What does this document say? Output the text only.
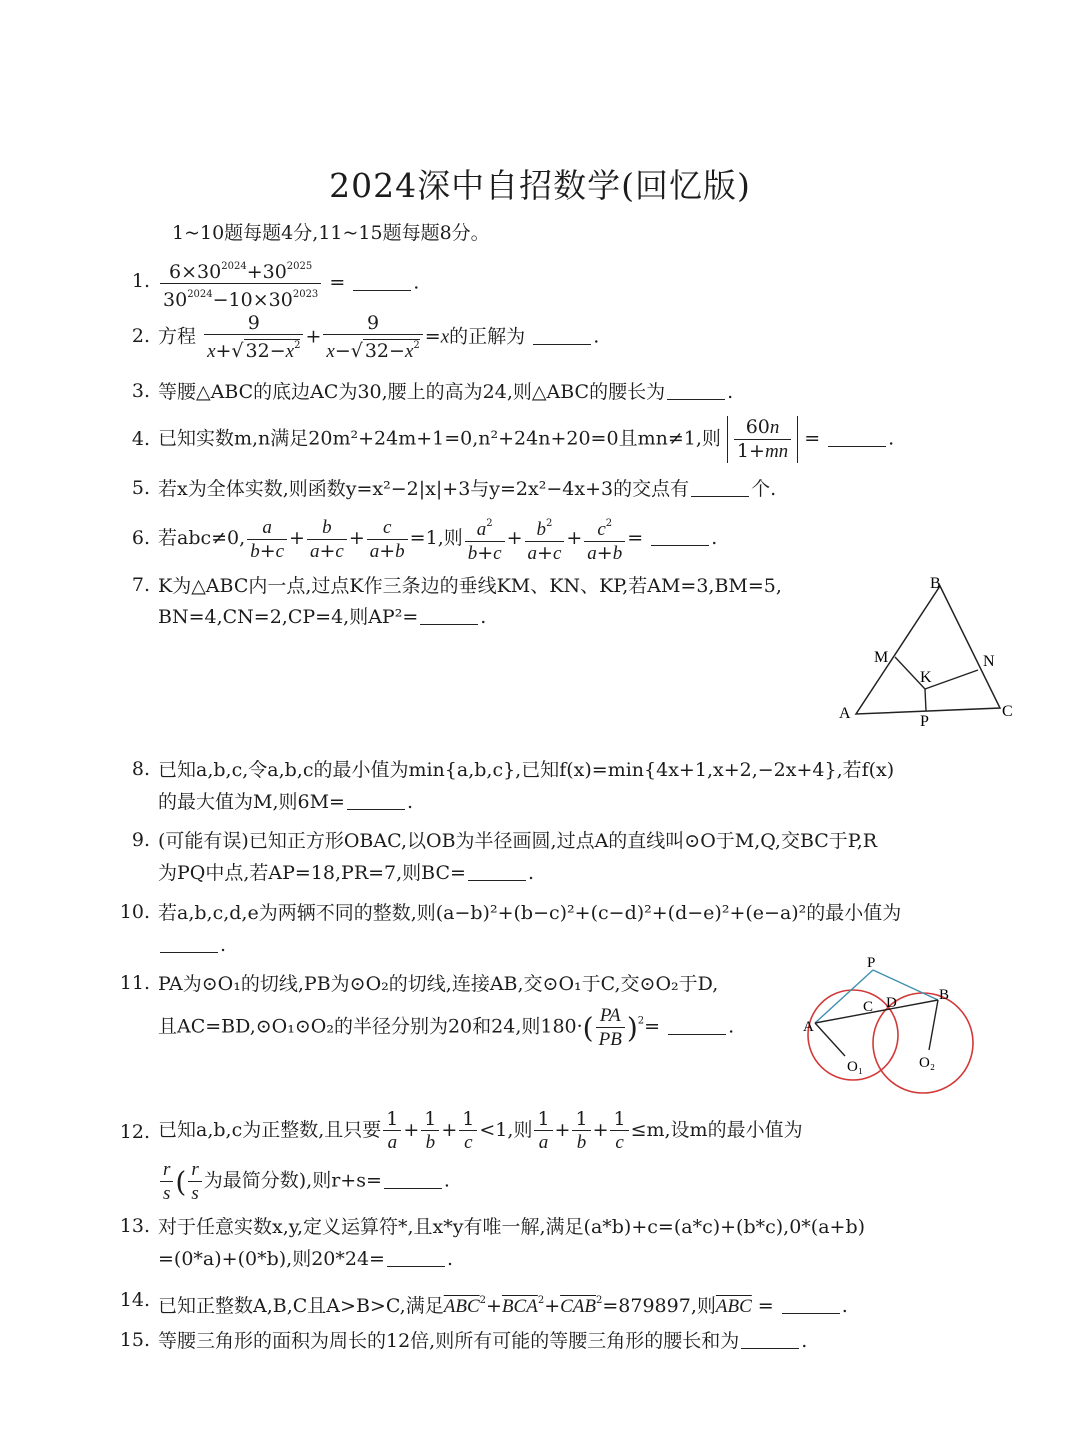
2024深中自招数学(回忆版)
1~10题每题4分,11~15题每题8分。
1. $\frac{6\times 30^{2024}+30^{2025}}{30^{2024}-10\times 30^{2023}}$ =	.
2. 方程 $\frac{9}{x+√ 32-x^2} + \frac{9}{x-√ 32-x^2} =x$的正解为	.
3. 等腰△ABC的底边AC为30,腰上的高为24,则△ABC的腰长为	.
4. 已知实数m,n满足20m²+24m+1=0,n²+24n+20=0且mn≠1,则 $\frac{60n}{1+mn}$ =	.
5. 若x为全体实数,则函数y=x²−2|x|+3与y=2x²−4x+3的交点有	个.
6. 若abc≠0, $\frac{a}{b+c} + \frac{b}{a+c} + \frac{c}{a+b} =1$,则 $\frac{a^2}{b+c} + \frac{b^2}{a+c} + \frac{c^2}{a+b}$ =	.
7. K为△ABC内一点,过点K作三条边的垂线KM、KN、KP,若AM=3,BM=5,
BN=4,CN=2,CP=4,则AP²=	.
B
M	N
K
A	P
C
8. 已知a,b,c,令a,b,c的最小值为min{a,b,c},已知f(x)=min{4x+1,x+2,−2x+4},若f(x)
的最大值为M,则6M=	.
9. (可能有误)已知正方形OBAC,以OB为半径画圆,过点A的直线叫⊙O于M,Q,交BC于P,R
为PQ中点,若AP=18,PR=7,则BC=	.
10. 若a,b,c,d,e为两辆不同的整数,则(a−b)²+(b−c)²+(c−d)²+(d−e)²+(e−a)²的最小值为
.
11. PA为⊙O₁的切线,PB为⊙O₂的切线,连接AB,交⊙O₁于C,交⊙O₂于D,
且AC=BD,⊙O₁⊙O₂的半径分别为20和24,则$180\cdot( \frac{PA}{PB} )^2=$	.
P
C D	B
A
O₁	O₂
12. 已知a,b,c为正整数,且只要 $\frac{1}{a} + \frac{1}{b} + \frac{1}{c} <1$,则 $\frac{1}{a} + \frac{1}{b} + \frac{1}{c} \le m$,设m的最小值为
$\frac{r}{s}$ ( $\frac{r}{s}$ 为最简分数),则r+s=	.
13. 对于任意实数x,y,定义运算符*,且x*y有唯一解,满足(a*b)+c=(a*c)+(b*c),0*(a+b)
=(0*a)+(0*b),则20*24=	.
14. 已知正整数A,B,C且A>B>C,满足$\overline{ABC}^2+\overline{BCA}^2+\overline{CAB}^2=879897$,则$\overline{ABC}$ =	.
15. 等腰三角形的面积为周长的12倍,则所有可能的等腰三角形的腰长和为	.
